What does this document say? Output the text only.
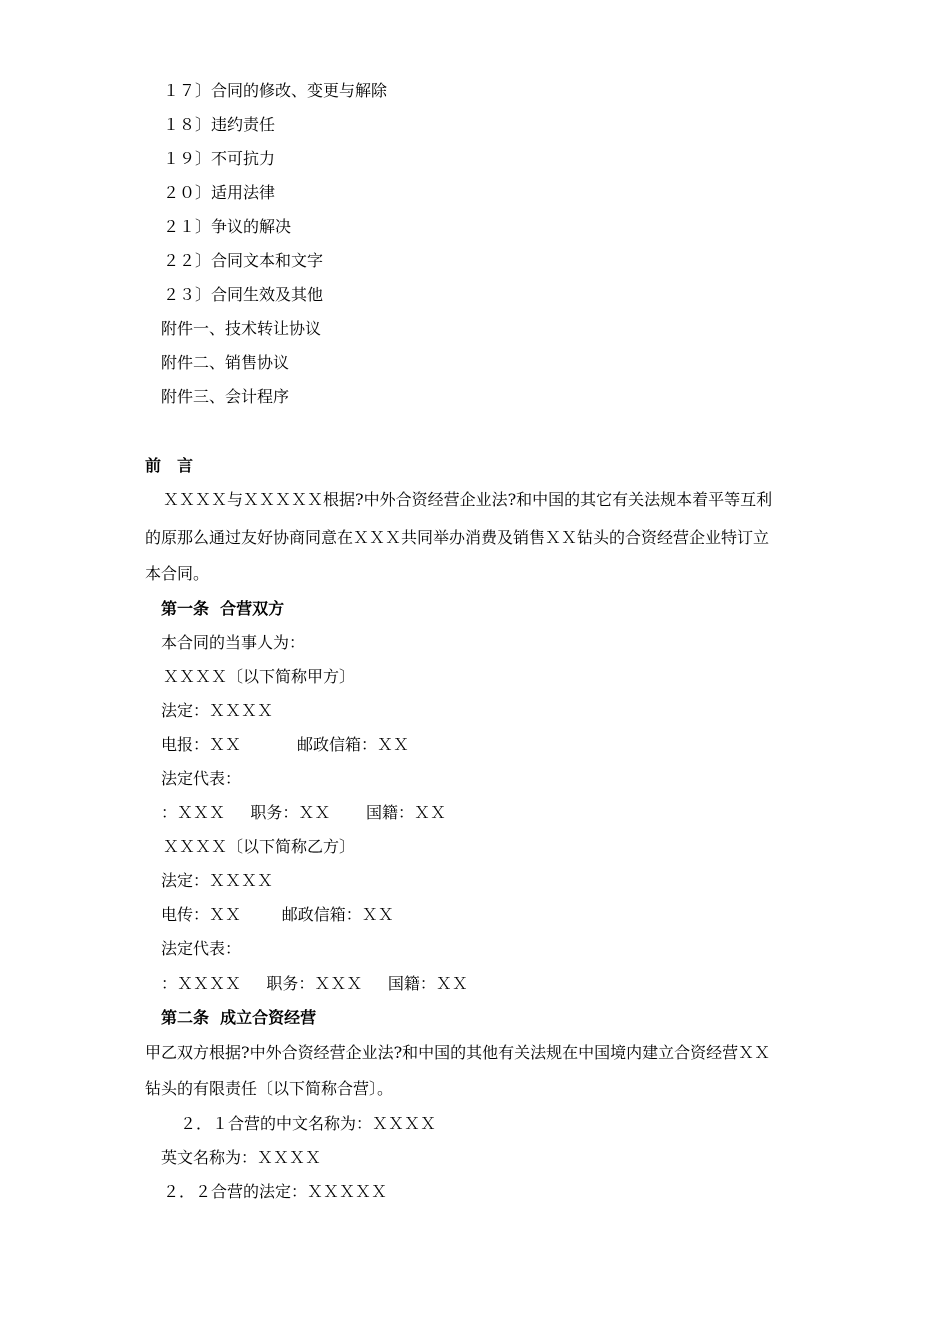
１７〕合同的修改、变更与解除
１８〕违约责任
１９〕不可抗力
２０〕适用法律
２１〕争议的解决
２２〕合同文本和文字
２３〕合同生效及其他
附件一、技术转让协议
附件二、销售协议
附件三、会计程序
前　言
ＸＸＸＸ与ＸＸＸＸＸ根据?中外合资经营企业法?和中国的其它有关法规本着平等互利
的原那么通过友好协商同意在ＸＸＸ共同举办消费及销售ＸＸ钻头的合资经营企业特订立
本合同。
第一条  合营双方
本合同的当事人为：
ＸＸＸＸ〔以下简称甲方〕
法定：ＸＸＸＸ
电报：ＸＸ           邮政信箱：ＸＸ
法定代表：
：ＸＸＸ     职务：ＸＸ       国籍：ＸＸ
ＸＸＸＸ〔以下简称乙方〕
法定：ＸＸＸＸ
电传：ＸＸ        邮政信箱：ＸＸ
法定代表：
：ＸＸＸＸ     职务：ＸＸＸ     国籍：ＸＸ
第二条  成立合资经营
甲乙双方根据?中外合资经营企业法?和中国的其他有关法规在中国境内建立合资经营ＸＸ
钻头的有限责任〔以下简称合营〕。
２．１合营的中文名称为：ＸＸＸＸ
英文名称为：ＸＸＸＸ
２．２合营的法定：ＸＸＸＸＸ
